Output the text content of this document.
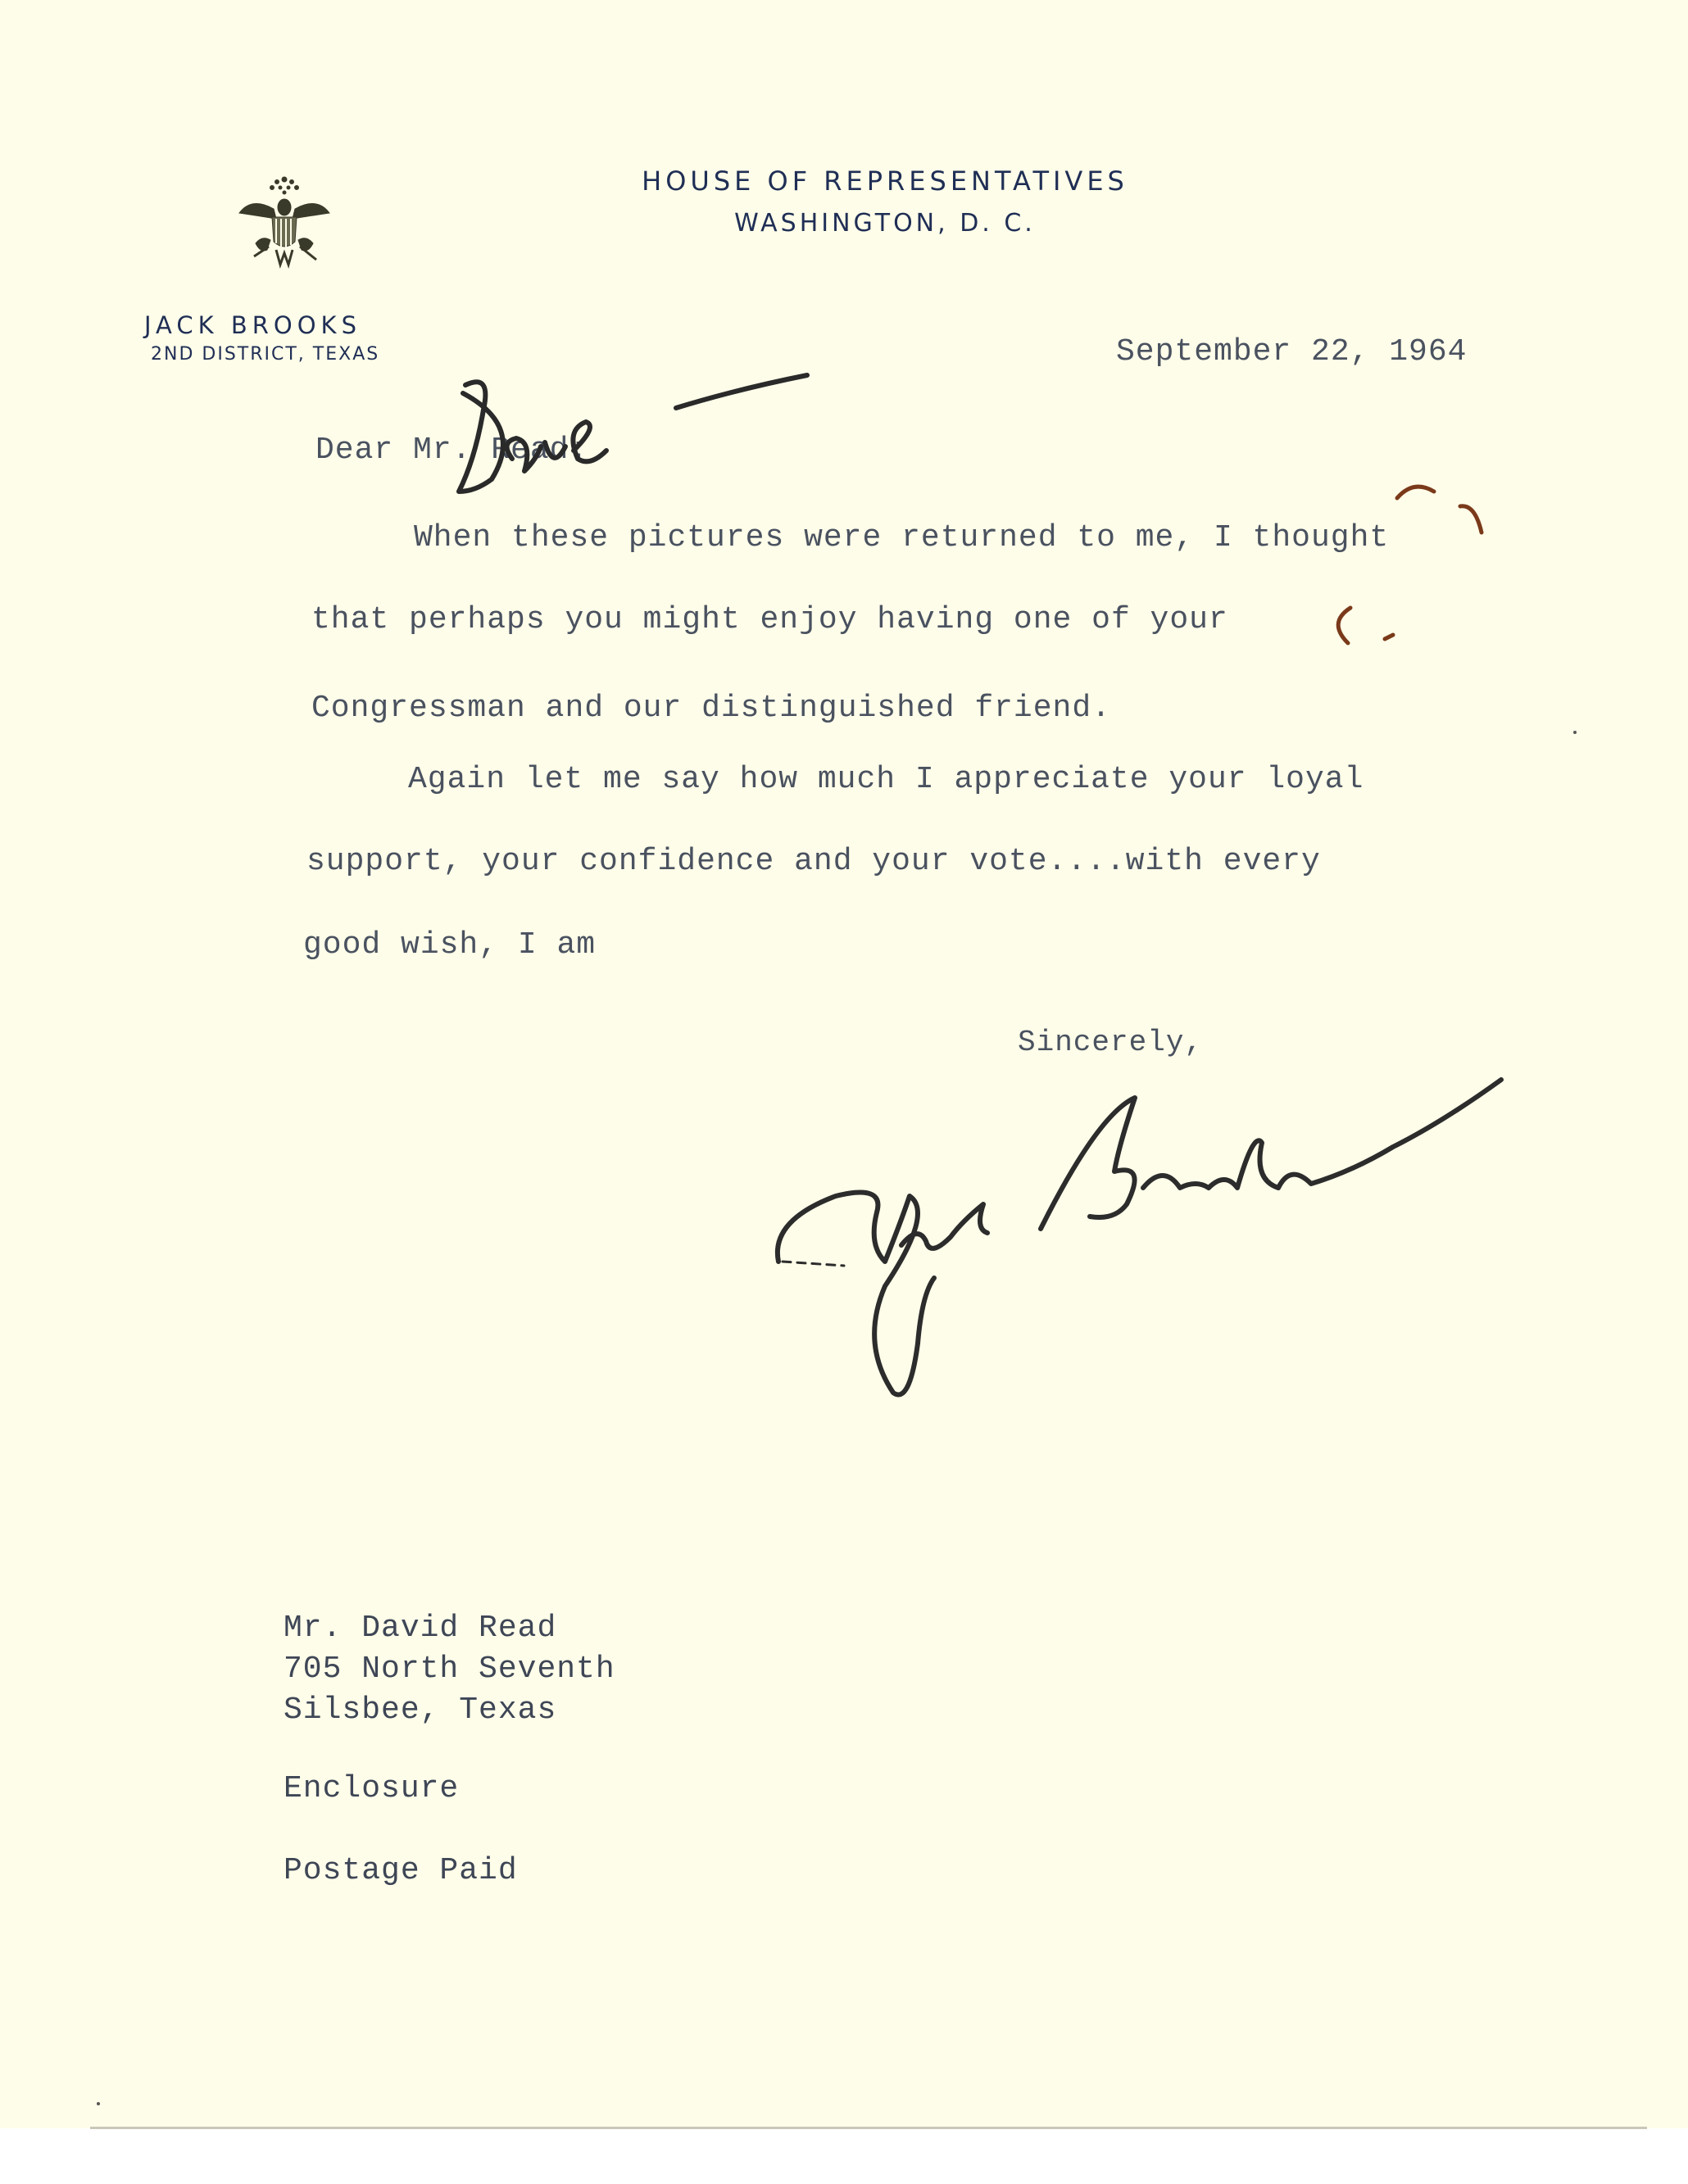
HOUSE OF REPRESENTATIVES
WASHINGTON, D. C.
JACK BROOKS
2ND DISTRICT, TEXAS	September 22, 1964
Dear Mr. Read:
When these pictures were returned to me, I thought
that perhaps you might enjoy having one of your
Congressman and our distinguished friend.
Again let me say how much I appreciate your loyal
support, your confidence and your vote....with every
good wish, I am
Sincerely,
Mr. David Read
705 North Seventh
Silsbee, Texas
Enclosure
Postage Paid
